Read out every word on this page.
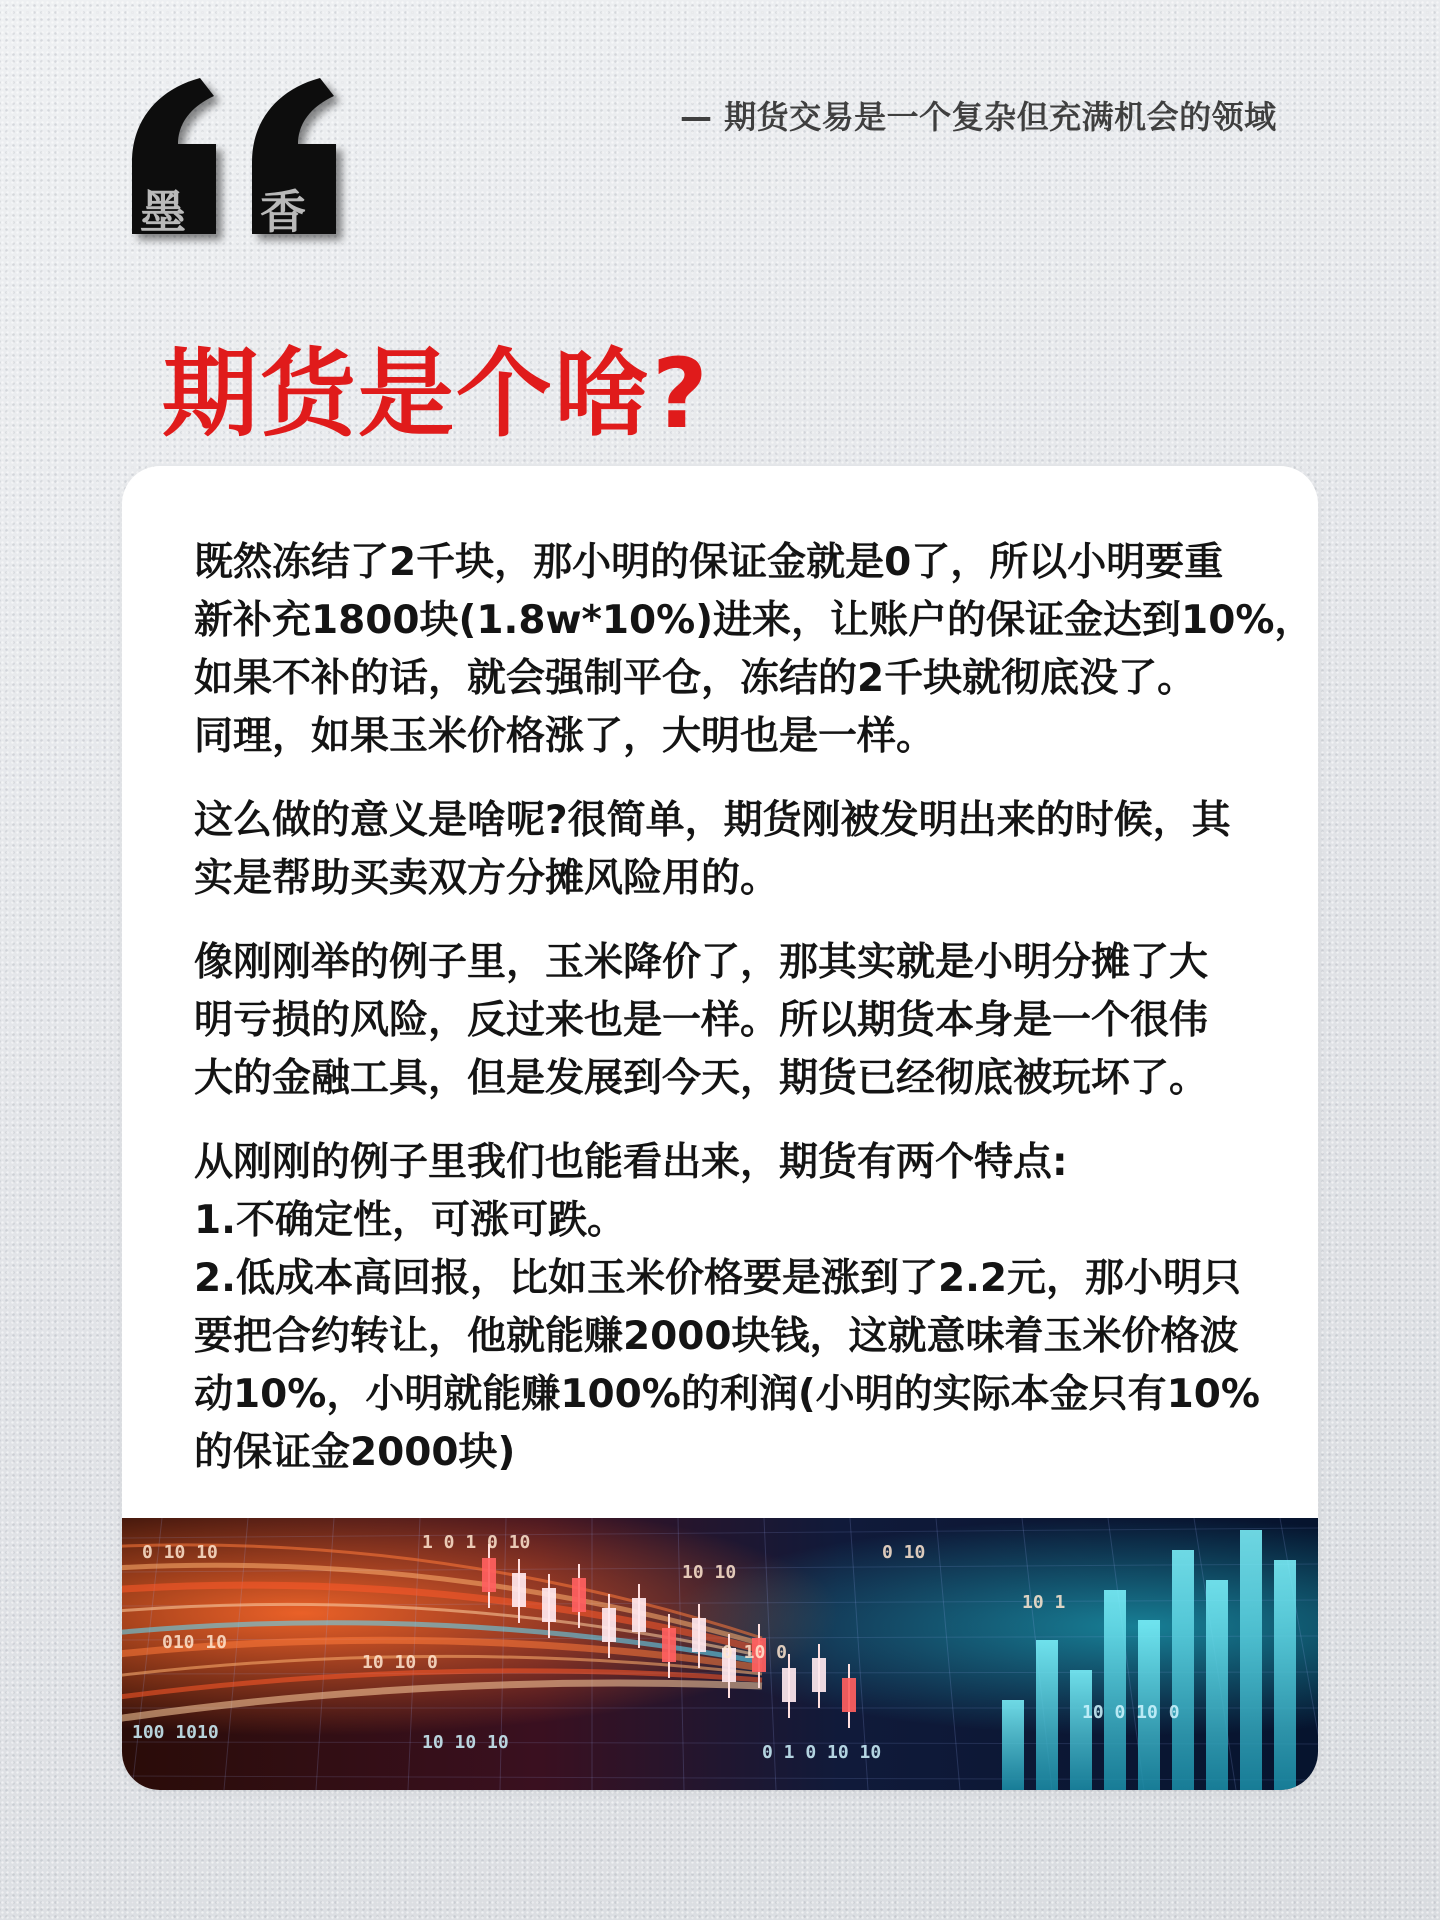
— 期货交易是一个复杂但充满机会的领域
墨 香
期货是个啥?
既然冻结了2千块，那小明的保证金就是0了，所以小明要重
新补充1800块(1.8w*10%)进来，让账户的保证金达到10%，
如果不补的话，就会强制平仓，冻结的2千块就彻底没了。
同理，如果玉米价格涨了，大明也是一样。
这么做的意义是啥呢?很简单，期货刚被发明出来的时候，其
实是帮助买卖双方分摊风险用的。
像刚刚举的例子里，玉米降价了，那其实就是小明分摊了大
明亏损的风险，反过来也是一样。所以期货本身是一个很伟
大的金融工具，但是发展到今天，期货已经彻底被玩坏了。
从刚刚的例子里我们也能看出来，期货有两个特点:
1.不确定性，可涨可跌。
2.低成本高回报，比如玉米价格要是涨到了2.2元，那小明只
要把合约转让，他就能赚2000块钱，这就意味着玉米价格波
动10%，小明就能赚100%的利润(小明的实际本金只有10%
的保证金2000块)
0 10 10	1 0 1 0 10
10 10
0 10
010 10
10 10 0	0 10 0
10 1
100 1010	10 10 10	0 1 0 10 10
10 0 10 0
